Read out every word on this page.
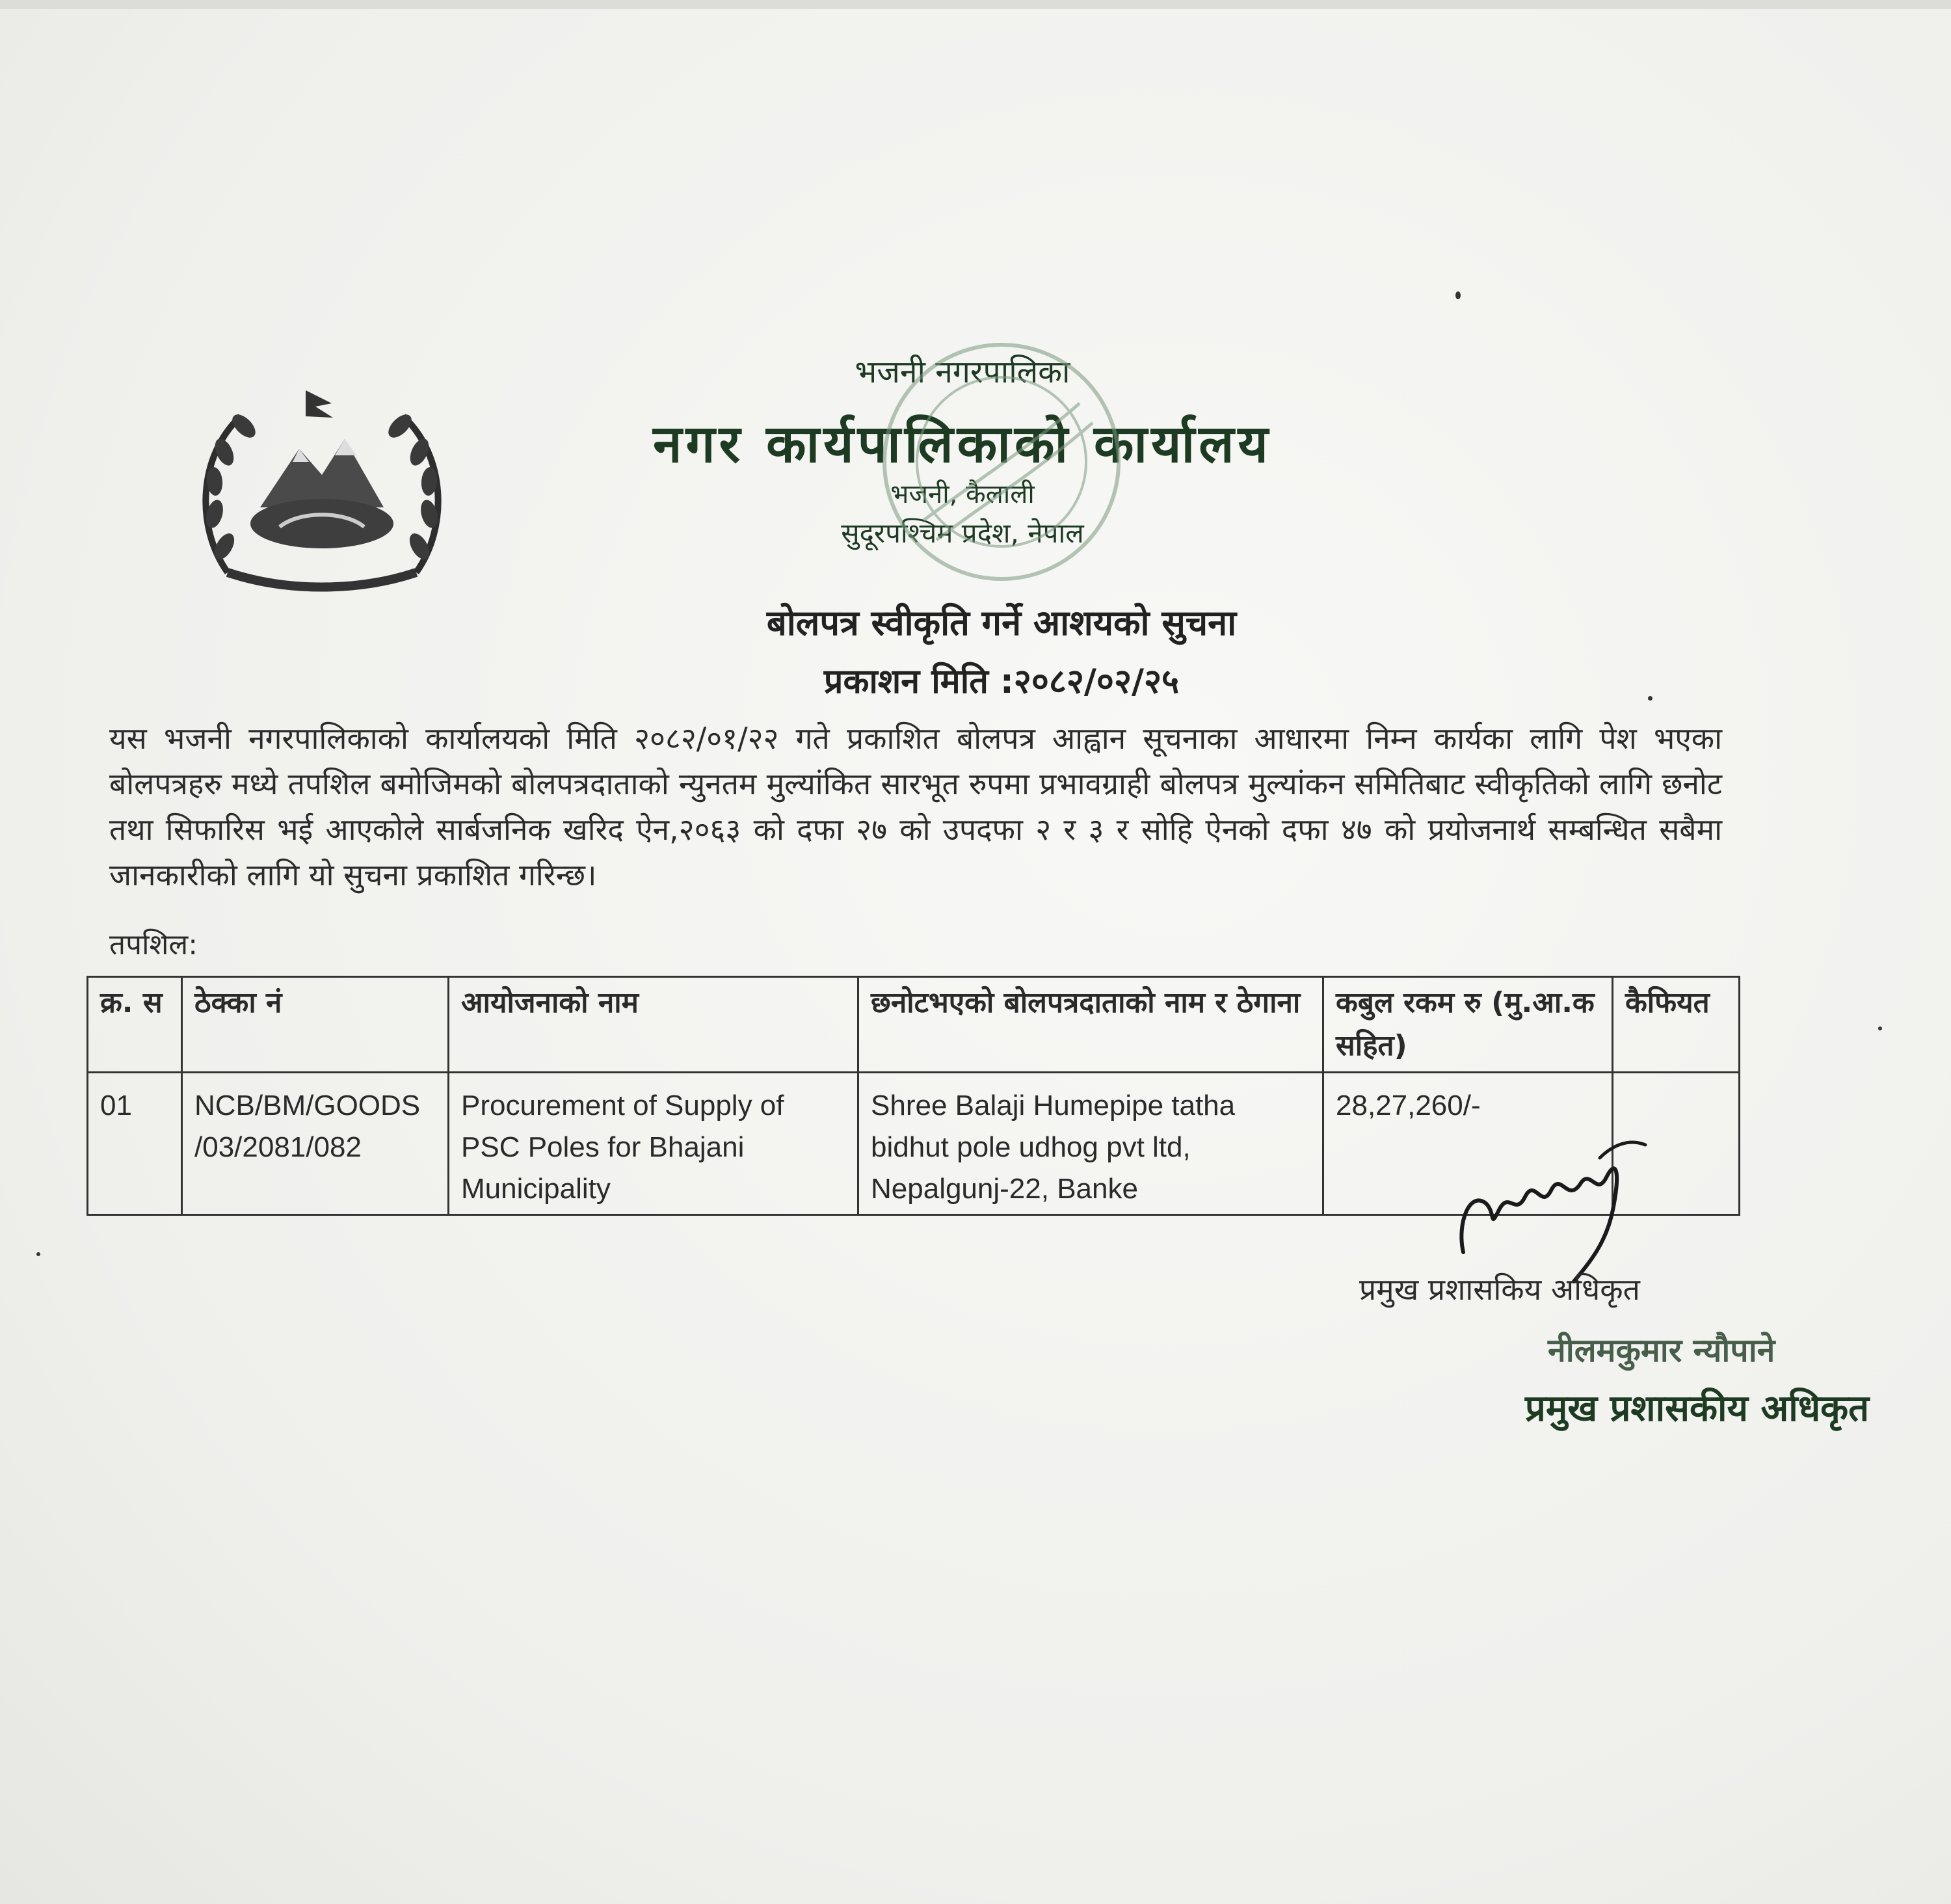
भजनी नगरपालिका
नगर कार्यपालिकाको कार्यालय
भजनी, कैलाली
सुदूरपश्चिम प्रदेश, नेपाल
बोलपत्र स्वीकृति गर्ने आशयको सुचना
प्रकाशन मिति :२०८२/०२/२५
यस भजनी नगरपालिकाको कार्यालयको मिति २०८२/०१/२२ गते प्रकाशित बोलपत्र आह्वान सूचनाका आधारमा निम्न कार्यका लागि पेश भएका बोलपत्रहरु मध्ये तपशिल बमोजिमको बोलपत्रदाताको न्युनतम मुल्यांकित सारभूत रुपमा प्रभावग्राही बोलपत्र मुल्यांकन समितिबाट स्वीकृतिको लागि छनोट तथा सिफारिस भई आएकोले सार्बजनिक खरिद ऐन,२०६३ को दफा २७ को उपदफा २ र ३ र सोहि ऐनको दफा ४७ को प्रयोजनार्थ सम्बन्धित सबैमा जानकारीको लागि यो सुचना प्रकाशित गरिन्छ।
तपशिल:
क्र. स	ठेक्का नं	आयोजनाको नाम	छनोटभएको बोलपत्रदाताको नाम र ठेगाना	कबुल रकम रु (मु.आ.क सहित)	कैफियत
01	NCB/BM/GOODS /03/2081/082	Procurement of Supply of PSC Poles for Bhajani Municipality	Shree Balaji Humepipe tatha bidhut pole udhog pvt ltd, Nepalgunj-22, Banke	28,27,260/-	
प्रमुख प्रशासकिय अधिकृत
नीलमकुमार न्यौपाने
प्रमुख प्रशासकीय अधिकृत
